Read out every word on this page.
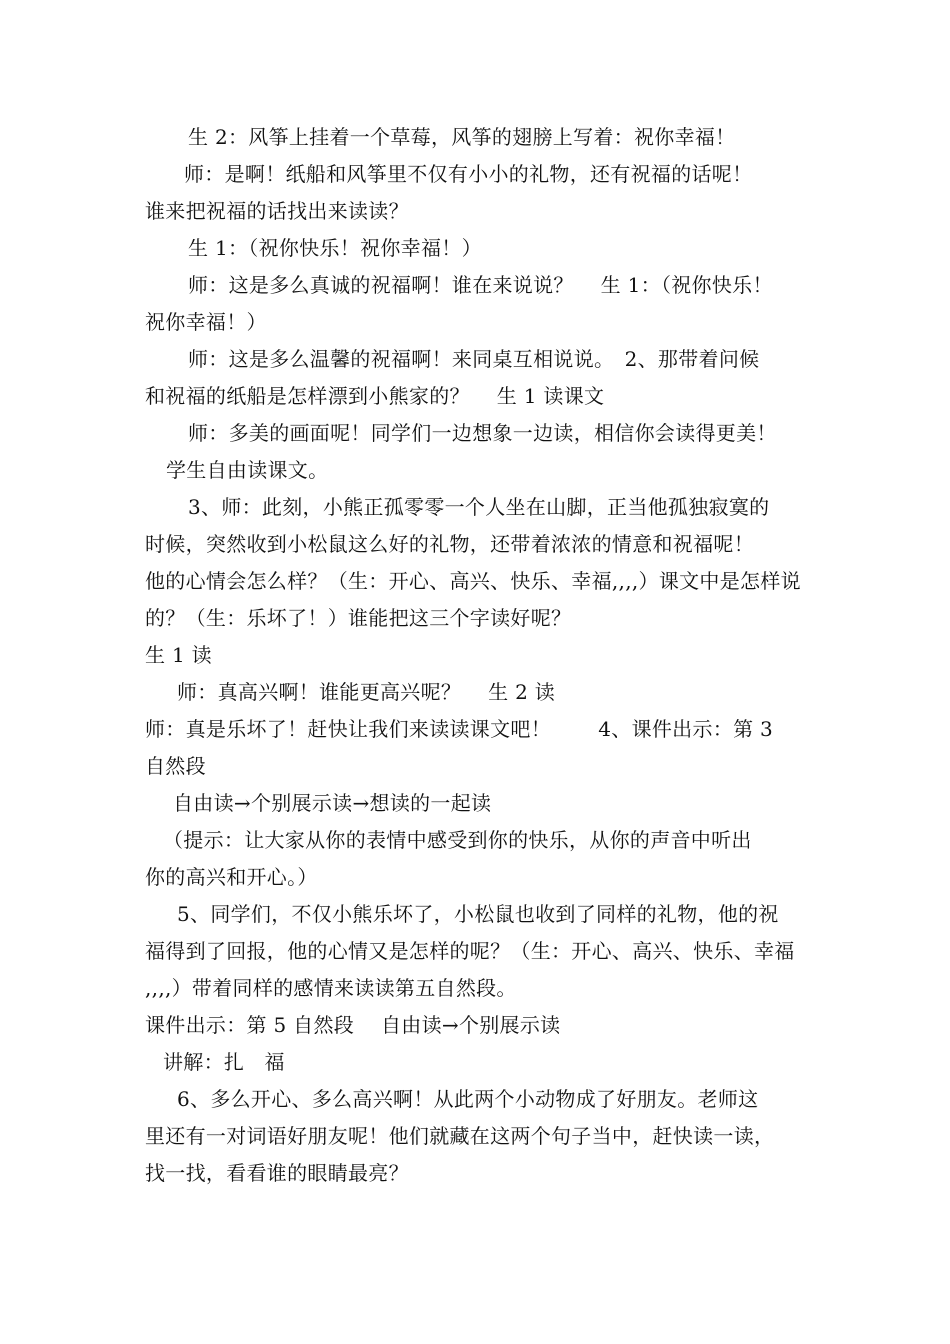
生 2：风筝上挂着一个草莓，风筝的翅膀上写着：祝你幸福！
师：是啊！纸船和风筝里不仅有小小的礼物，还有祝福的话呢！
谁来把祝福的话找出来读读？
生 1：（祝你快乐！祝你幸福！）
师：这是多么真诚的祝福啊！谁在来说说？　 生 1：（祝你快乐！
祝你幸福！）
师：这是多么温馨的祝福啊！来同桌互相说说。　2、那带着问候
和祝福的纸船是怎样漂到小熊家的？　 生 1 读课文
师：多美的画面呢！同学们一边想象一边读，相信你会读得更美！
学生自由读课文。
3、师：此刻，小熊正孤零零一个人坐在山脚，正当他孤独寂寞的
时候，突然收到小松鼠这么好的礼物，还带着浓浓的情意和祝福呢！
他的心情会怎么样？（生：开心、高兴、快乐、幸福,,,,）课文中是怎样说
的？（生：乐坏了！）谁能把这三个字读好呢？
生 1 读
师：真高兴啊！谁能更高兴呢？　 生 2 读
师：真是乐坏了！赶快让我们来读读课文吧！　　 4、课件出示：第 3
自然段
自由读→个别展示读→想读的一起读
（提示：让大家从你的表情中感受到你的快乐，从你的声音中听出
你的高兴和开心。）
5、同学们，不仅小熊乐坏了，小松鼠也收到了同样的礼物，他的祝
福得到了回报，他的心情又是怎样的呢？（生：开心、高兴、快乐、幸福
,,,,）带着同样的感情来读读第五自然段。
课件出示：第 5 自然段　 自由读→个别展示读
讲解：扎　福
6、多么开心、多么高兴啊！从此两个小动物成了好朋友。老师这
里还有一对词语好朋友呢！他们就藏在这两个句子当中，赶快读一读，
找一找，看看谁的眼睛最亮？
